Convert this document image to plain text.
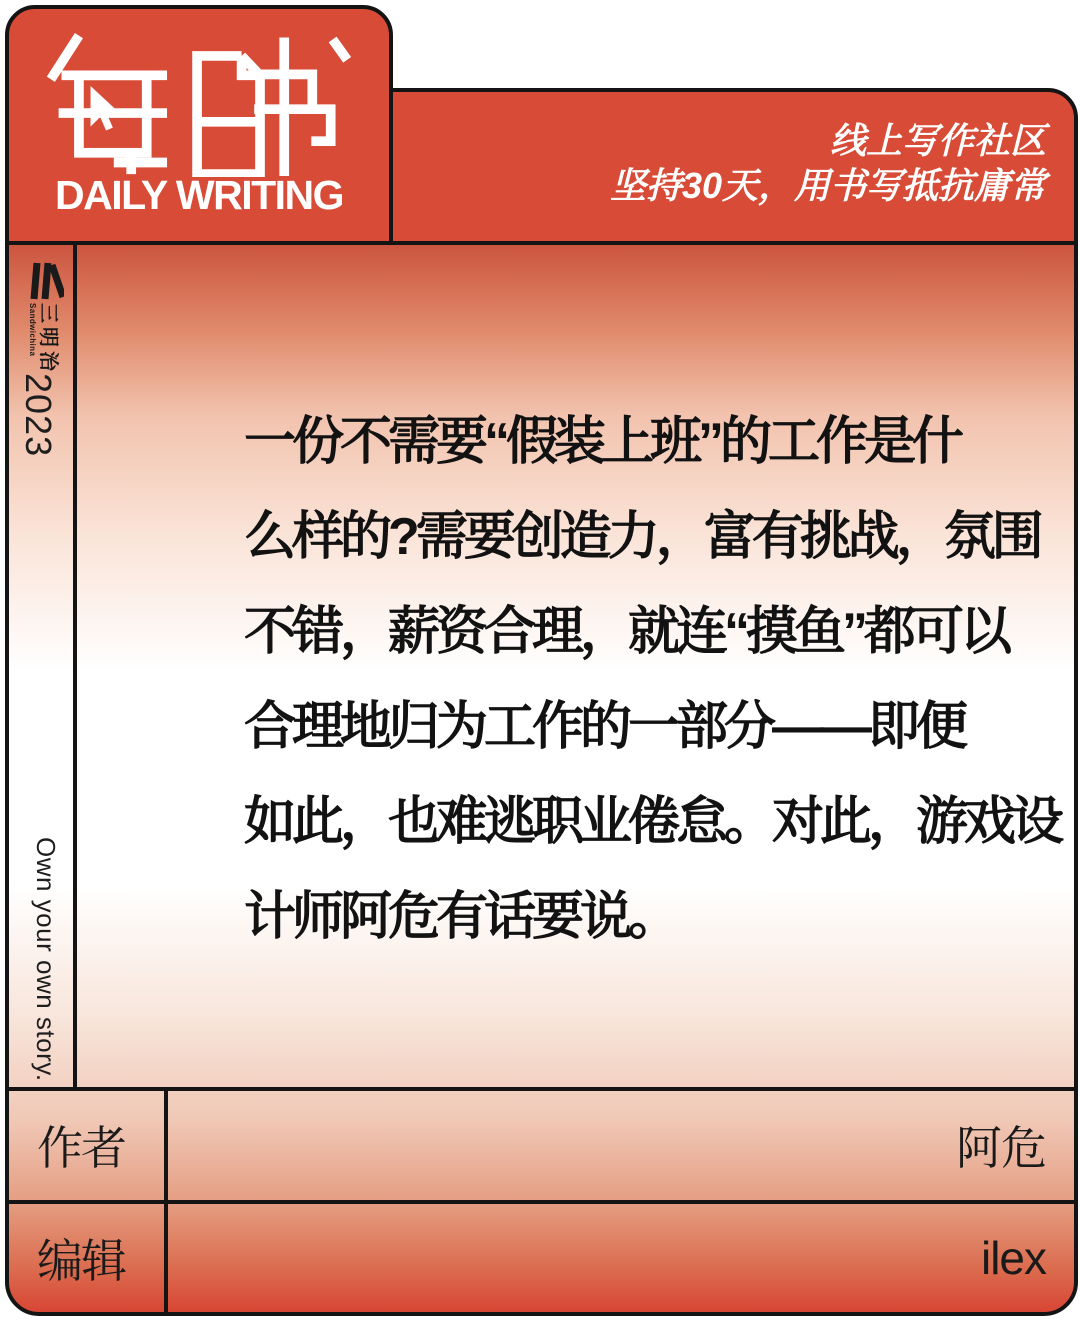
DAILY WRITING
线上写作社区
坚持30天，用书写抵抗庸常
三明治
Sandwichina
2023
Own your own story.
一份不需要“假装上班”的工作是什
么样的?需要创造力，富有挑战，氛围
不错，薪资合理，就连“摸鱼”都可以
合理地归为工作的一部分——即便
如此，也难逃职业倦怠。对此，游戏设
计师阿危有话要说。
作者	阿危
编辑	ilex
